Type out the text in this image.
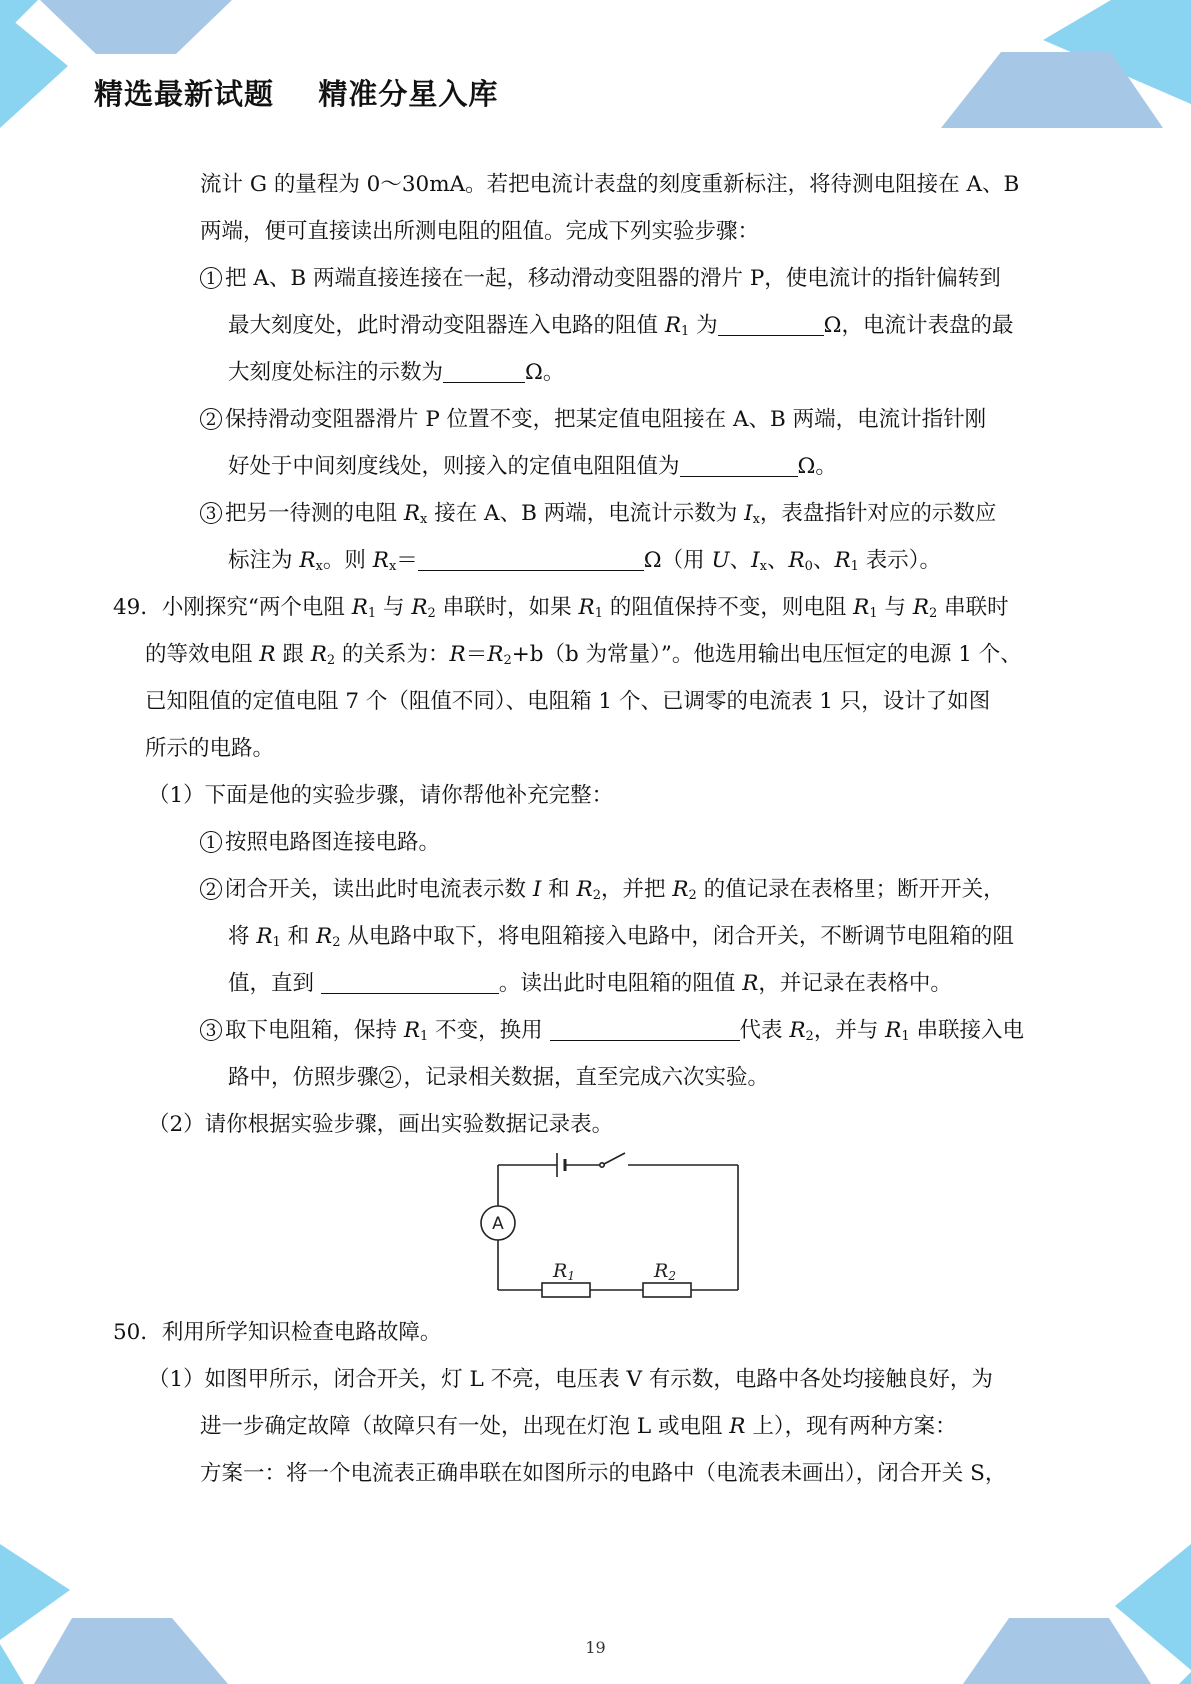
精选最新试题    精准分星入库
流计 G 的量程为 0～30mA。若把电流计表盘的刻度重新标注，将待测电阻接在 A、B
两端，便可直接读出所测电阻的阻值。完成下列实验步骤：
1 把 A、B 两端直接连接在一起，移动滑动变阻器的滑片 P，使电流计的指针偏转到
最大刻度处，此时滑动变阻器连入电路的阻值 $R_1$ 为	Ω，电流计表盘的最
大刻度处标注的示数为	Ω。
2 保持滑动变阻器滑片 P 位置不变，把某定值电阻接在 A、B 两端，电流计指针刚
好处于中间刻度线处，则接入的定值电阻阻值为	Ω。
3 把另一待测的电阻 $R_x$ 接在 A、B 两端，电流计示数为 $I_x$，表盘指针对应的示数应
标注为 $R_x$。则 $R_x=$	Ω（用 U、$I_x$、$R_0$、$R_1$ 表示）。
49．小刚探究“两个电阻 $R_1$ 与 $R_2$ 串联时，如果 $R_1$ 的阻值保持不变，则电阻 $R_1$ 与 $R_2$ 串联时
的等效电阻 R 跟 $R_2$ 的关系为：$R=R_2+b(b$ 为常量）”。他选用输出电压恒定的电源 1 个、
已知阻值的定值电阻 7 个（阻值不同）、电阻箱 1 个、已调零的电流表 1 只，设计了如图
所示的电路。
（1）下面是他的实验步骤，请你帮他补充完整：
1 按照电路图连接电路。
2 闭合开关，读出此时电流表示数 I 和 $R_2$，并把 $R_2$ 的值记录在表格里；断开开关，
将 $R_1$ 和 $R_2$ 从电路中取下，将电阻箱接入电路中，闭合开关，不断调节电阻箱的阻
值，直到	。读出此时电阻箱的阻值 R，并记录在表格中。
3 取下电阻箱，保持 $R_1$ 不变，换用	代表 $R_2$，并与 $R_1$ 串联接入电
路中，仿照步骤 2 ，记录相关数据，直至完成六次实验。
（2）请你根据实验步骤，画出实验数据记录表。
A
R1	R2
50．利用所学知识检查电路故障。
（1）如图甲所示，闭合开关，灯 L 不亮，电压表 V 有示数，电路中各处均接触良好，为
进一步确定故障（故障只有一处，出现在灯泡 L 或电阻 R 上），现有两种方案：
方案一：将一个电流表正确串联在如图所示的电路中（电流表未画出），闭合开关 S，
19
